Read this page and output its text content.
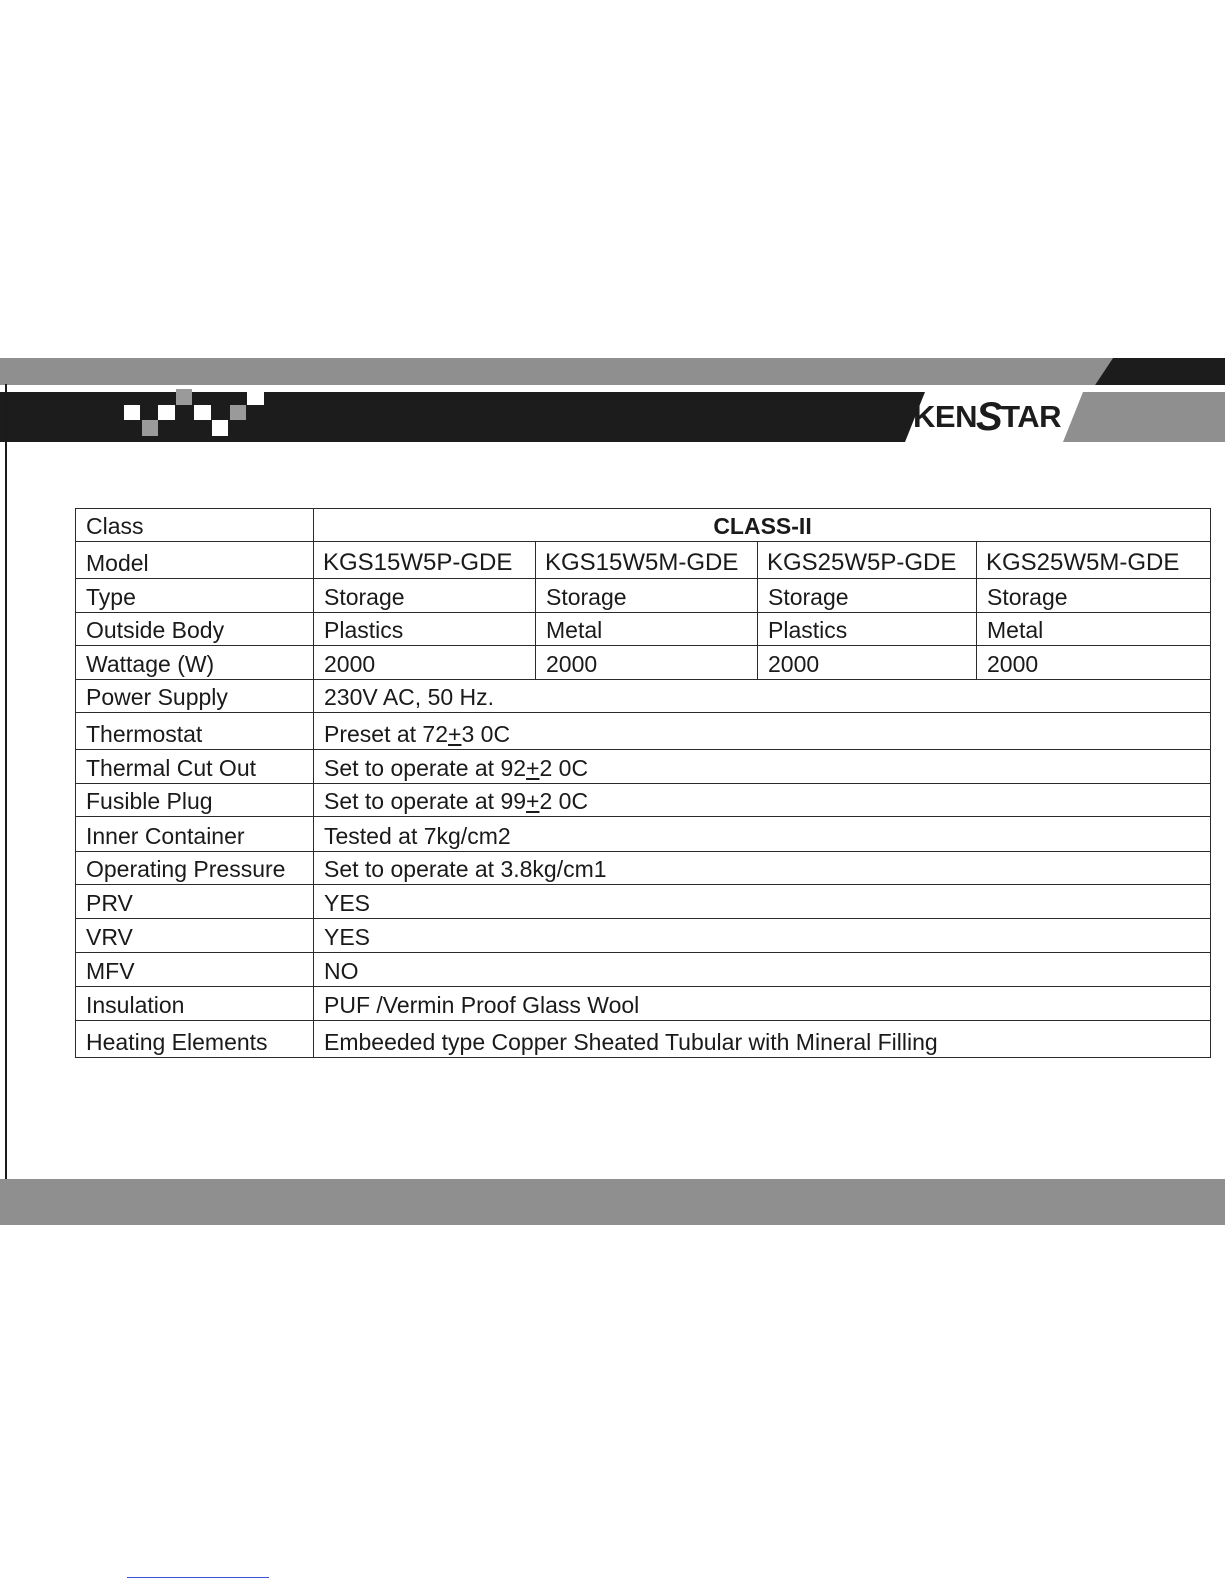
KEN S TAR
Class	CLASS-II			
Model	KGS15W5P-GDE	KGS15W5M-GDE	KGS25W5P-GDE	KGS25W5M-GDE
Type	Storage	Storage	Storage	Storage
Outside Body	Plastics	Metal	Plastics	Metal
Wattage (W)	2000	2000	2000	2000
Power Supply	230V AC, 50 Hz.			
Thermostat	Preset at 72+3 0C			
Thermal Cut Out	Set to operate at 92+2 0C			
Fusible Plug	Set to operate at 99+2 0C			
Inner Container	Tested at 7kg/cm2			
Operating Pressure	Set to operate at 3.8kg/cm1			
PRV	YES			
VRV	YES			
MFV	NO			
Insulation	PUF /Vermin Proof Glass Wool			
Heating Elements	Embeeded type Copper Sheated Tubular with Mineral Filling			
